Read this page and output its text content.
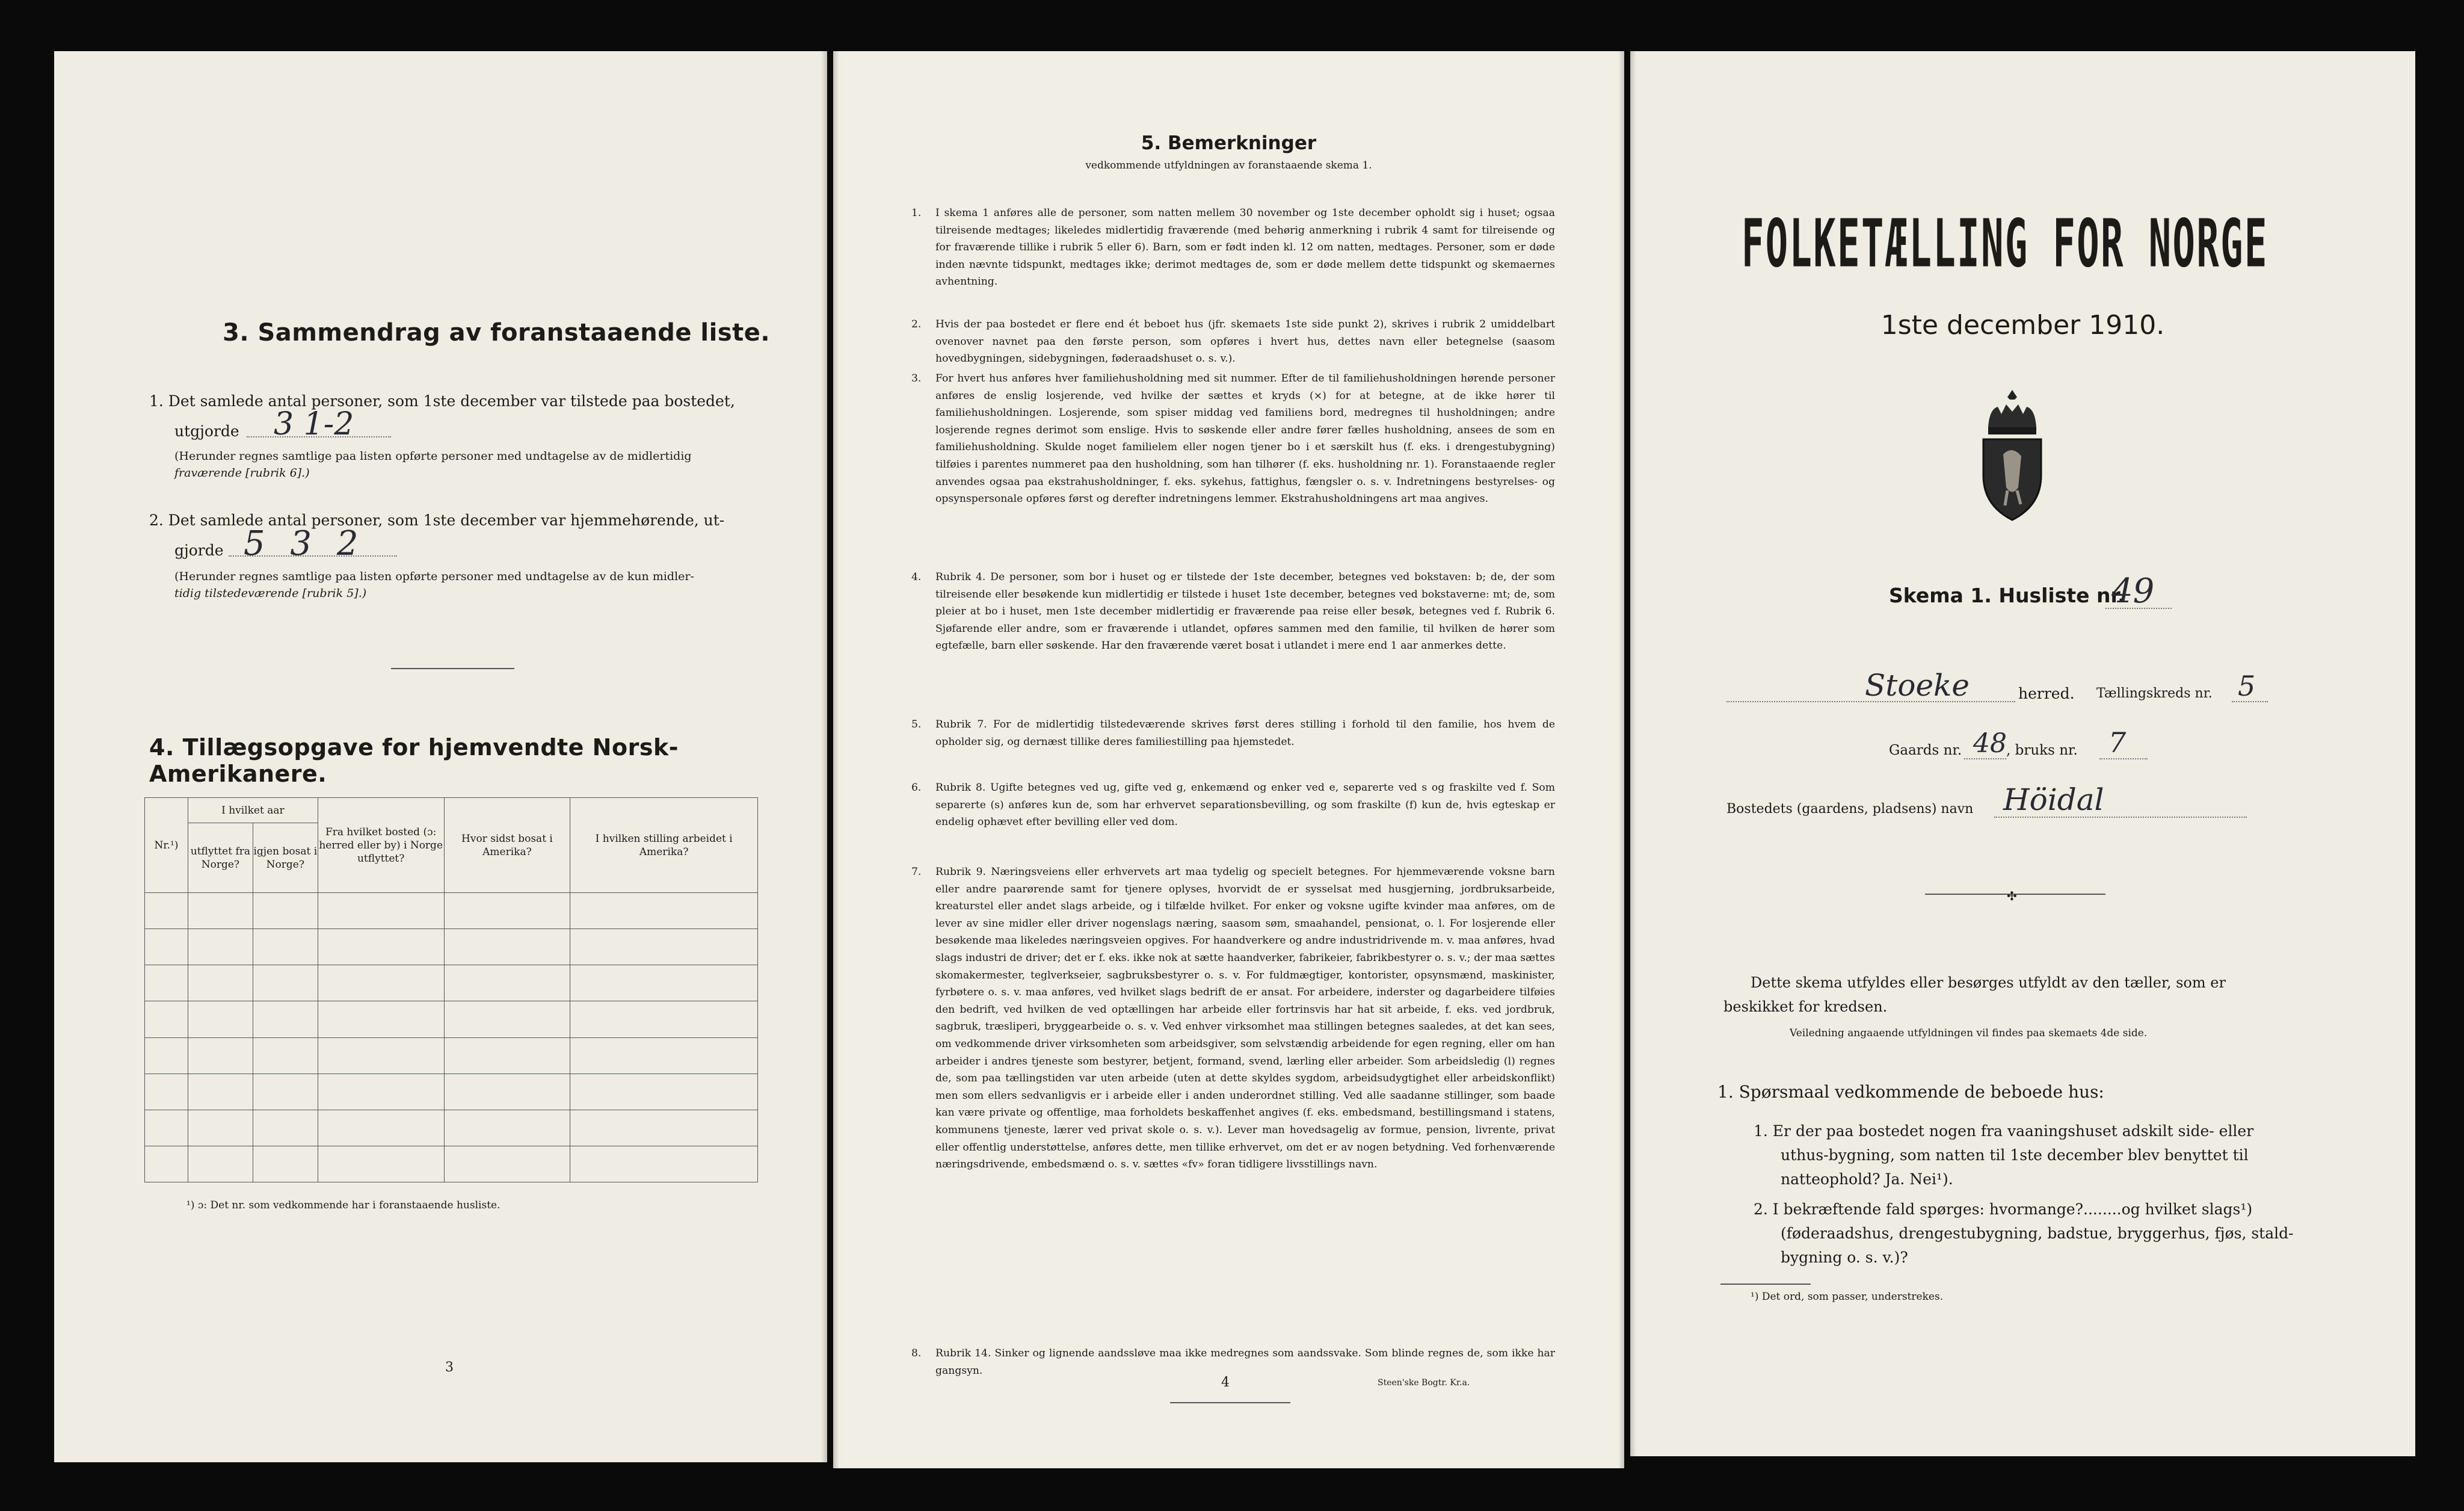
3. Sammendrag av foranstaaende liste.
1. Det samlede antal personer, som 1ste december var tilstede paa bostedet,
utgjorde 3 1-2
(Herunder regnes samtlige paa listen opførte personer med undtagelse av de midlertidig
fraværende [rubrik 6].)
2. Det samlede antal personer, som 1ste december var hjemmehørende, ut-
gjorde 5 3 2
(Herunder regnes samtlige paa listen opførte personer med undtagelse av de kun midler-
tidig tilstedeværende [rubrik 5].)
4. Tillægsopgave for hjemvendte Norsk-Amerikanere.
Nr.¹)	I hvilket aar		Fra hvilket bosted (ɔ: herred eller by) i Norge utflyttet?	Hvor sidst bosat i Amerika?	I hvilken stilling arbeidet i Amerika?
	utflyttet fra Norge?	igjen bosat i Norge?			

¹) ɔ: Det nr. som vedkommende har i foranstaaende husliste.
3
5. Bemerkninger
vedkommende utfyldningen av foranstaaende skema 1.
1. I skema 1 anføres alle de personer, som natten mellem 30 november og 1ste december opholdt sig i huset; ogsaa tilreisende medtages; likeledes midlertidig fraværende (med behørig anmerkning i rubrik 4 samt for tilreisende og for fraværende tillike i rubrik 5 eller 6). Barn, som er født inden kl. 12 om natten, medtages. Personer, som er døde inden nævnte tidspunkt, medtages ikke; derimot medtages de, som er døde mellem dette tidspunkt og skemaernes avhentning.
2. Hvis der paa bostedet er flere end ét beboet hus (jfr. skemaets 1ste side punkt 2), skrives i rubrik 2 umiddelbart ovenover navnet paa den første person, som opføres i hvert hus, dettes navn eller betegnelse (saasom hovedbygningen, sidebygningen, føderaadshuset o. s. v.).
3. For hvert hus anføres hver familiehusholdning med sit nummer. Efter de til familiehusholdningen hørende personer anføres de enslig losjerende, ved hvilke der sættes et kryds (×) for at betegne, at de ikke hører til familiehusholdningen. Losjerende, som spiser middag ved familiens bord, medregnes til husholdningen; andre losjerende regnes derimot som enslige. Hvis to søskende eller andre fører fælles husholdning, ansees de som en familiehusholdning. Skulde noget familielem eller nogen tjener bo i et særskilt hus (f. eks. i drengestubygning) tilføies i parentes nummeret paa den husholdning, som han tilhører (f. eks. husholdning nr. 1). Foranstaaende regler anvendes ogsaa paa ekstrahusholdninger, f. eks. sykehus, fattighus, fængsler o. s. v. Indretningens bestyrelses- og opsynspersonale opføres først og derefter indretningens lemmer. Ekstrahusholdningens art maa angives.
4. Rubrik 4. De personer, som bor i huset og er tilstede der 1ste december, betegnes ved bokstaven: b; de, der som tilreisende eller besøkende kun midlertidig er tilstede i huset 1ste december, betegnes ved bokstaverne: mt; de, som pleier at bo i huset, men 1ste december midlertidig er fraværende paa reise eller besøk, betegnes ved f. Rubrik 6. Sjøfarende eller andre, som er fraværende i utlandet, opføres sammen med den familie, til hvilken de hører som egtefælle, barn eller søskende. Har den fraværende været bosat i utlandet i mere end 1 aar anmerkes dette.
5. Rubrik 7. For de midlertidig tilstedeværende skrives først deres stilling i forhold til den familie, hos hvem de opholder sig, og dernæst tillike deres familiestilling paa hjemstedet.
6. Rubrik 8. Ugifte betegnes ved ug, gifte ved g, enkemænd og enker ved e, separerte ved s og fraskilte ved f. Som separerte (s) anføres kun de, som har erhvervet separationsbevilling, og som fraskilte (f) kun de, hvis egteskap er endelig ophævet efter bevilling eller ved dom.
7. Rubrik 9. Næringsveiens eller erhvervets art maa tydelig og specielt betegnes. For hjemmeværende voksne barn eller andre paarørende samt for tjenere oplyses, hvorvidt de er sysselsat med husgjerning, jordbruksarbeide, kreaturstel eller andet slags arbeide, og i tilfælde hvilket. For enker og voksne ugifte kvinder maa anføres, om de lever av sine midler eller driver nogenslags næring, saasom søm, smaahandel, pensionat, o. l. For losjerende eller besøkende maa likeledes næringsveien opgives. For haandverkere og andre industridrivende m. v. maa anføres, hvad slags industri de driver; det er f. eks. ikke nok at sætte haandverker, fabrikeier, fabrikbestyrer o. s. v.; der maa sættes skomakermester, teglverkseier, sagbruksbestyrer o. s. v. For fuldmægtiger, kontorister, opsynsmænd, maskinister, fyrbøtere o. s. v. maa anføres, ved hvilket slags bedrift de er ansat. For arbeidere, inderster og dagarbeidere tilføies den bedrift, ved hvilken de ved optællingen har arbeide eller fortrinsvis har hat sit arbeide, f. eks. ved jordbruk, sagbruk, træsliperi, bryggearbeide o. s. v. Ved enhver virksomhet maa stillingen betegnes saaledes, at det kan sees, om vedkommende driver virksomheten som arbeidsgiver, som selvstændig arbeidende for egen regning, eller om han arbeider i andres tjeneste som bestyrer, betjent, formand, svend, lærling eller arbeider. Som arbeidsledig (l) regnes de, som paa tællingstiden var uten arbeide (uten at dette skyldes sygdom, arbeidsudygtighet eller arbeidskonflikt) men som ellers sedvanligvis er i arbeide eller i anden underordnet stilling. Ved alle saadanne stillinger, som baade kan være private og offentlige, maa forholdets beskaffenhet angives (f. eks. embedsmand, bestillingsmand i statens, kommunens tjeneste, lærer ved privat skole o. s. v.). Lever man hovedsagelig av formue, pension, livrente, privat eller offentlig understøttelse, anføres dette, men tillike erhvervet, om det er av nogen betydning. Ved forhenværende næringsdrivende, embedsmænd o. s. v. sættes «fv» foran tidligere livsstillings navn.
8. Rubrik 14. Sinker og lignende aandssløve maa ikke medregnes som aandssvake. Som blinde regnes de, som ikke har gangsyn.
4	Steen'ske Bogtr. Kr.a.
FOLKETÆLLING FOR NORGE
1ste december 1910.
Skema 1. Husliste nr.
49
Stoeke	herred. Tællingskreds nr. 5
Gaards nr. 48 , bruks nr. 7
Bostedets (gaardens, pladsens) navn Höidal
✣
Dette skema utfyldes eller besørges utfyldt av den tæller, som er
beskikket for kredsen.
Veiledning angaaende utfyldningen vil findes paa skemaets 4de side.
1. Spørsmaal vedkommende de beboede hus:
1. Er der paa bostedet nogen fra vaaningshuset adskilt side- eller
uthus-bygning, som natten til 1ste december blev benyttet til
natteophold? Ja. Nei¹).
2. I bekræftende fald spørges: hvormange?........og hvilket slags¹)
(føderaadshus, drengestubygning, badstue, bryggerhus, fjøs, stald-
bygning o. s. v.)?
¹) Det ord, som passer, understrekes.
